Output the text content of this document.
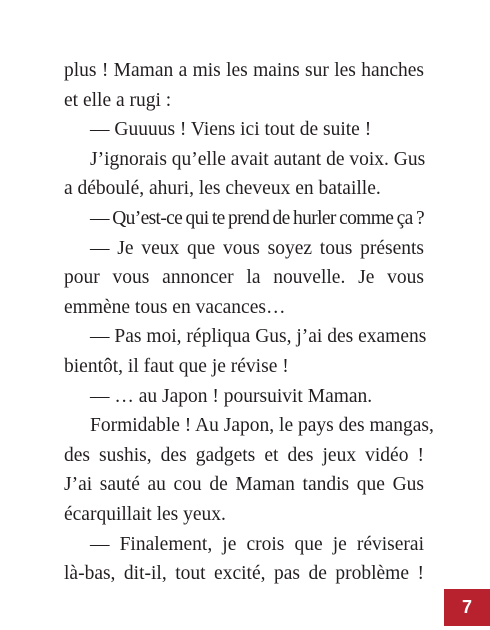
plus ! Maman a mis les mains sur les hanches
et elle a rugi :
— Guuuus ! Viens ici tout de suite !
J’ignorais qu’elle avait autant de voix. Gus
a déboulé, ahuri, les cheveux en bataille.
— Qu’est-ce qui te prend de hurler comme ça ?
— Je veux que vous soyez tous présents
pour vous annoncer la nouvelle. Je vous
emmène tous en vacances…
— Pas moi, répliqua Gus, j’ai des examens
bientôt, il faut que je révise !
— … au Japon ! poursuivit Maman.
Formidable ! Au Japon, le pays des mangas,
des sushis, des gadgets et des jeux vidéo !
J’ai sauté au cou de Maman tandis que Gus
écarquillait les yeux.
— Finalement, je crois que je réviserai
là-bas, dit-il, tout excité, pas de problème !
7
